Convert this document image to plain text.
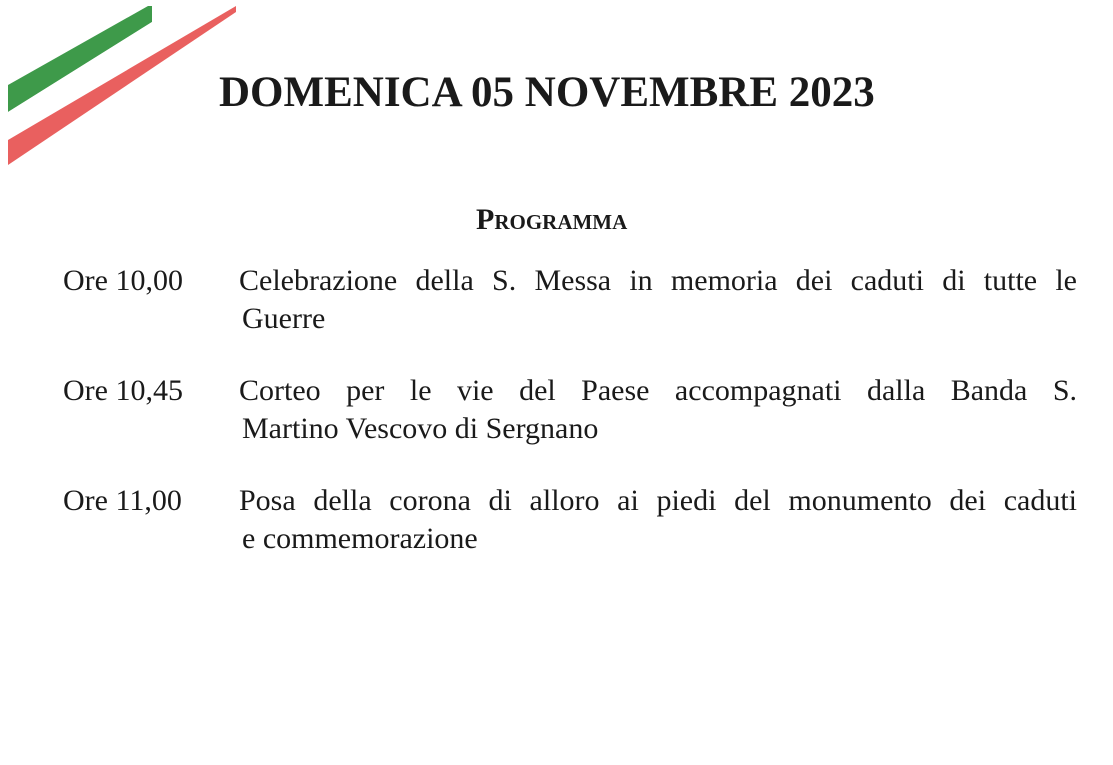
DOMENICA 05 NOVEMBRE 2023
Programma
Ore 10,00 Celebrazione della S. Messa in memoria dei caduti di tutte le
Guerre
Ore 10,45 Corteo per le vie del Paese accompagnati dalla Banda S.
Martino Vescovo di Sergnano
Ore 11,00 Posa della corona di alloro ai piedi del monumento dei caduti
e commemorazione
